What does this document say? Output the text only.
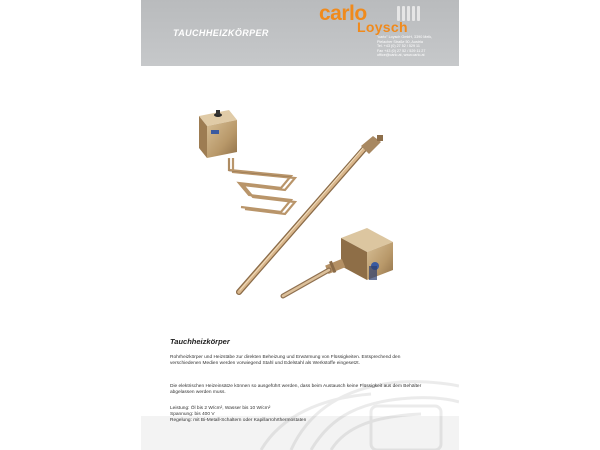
TAUCHHEIZKÖRPER
carlo
Loysch
"carlo" Loysch GmbH, 3390 Melk,
Pielacher Straße 50, Austria
Tel. +43 (0) 27 52 / 529 11
Fax +43 (0) 27 52 / 529 11 27
office@carlo.at, www.carlo.at
Tauchheizkörper
Rohrheizkörper und Heizstäbe zur direkten Beheizung und Erwärmung von Flüssigkeiten. Entsprechend den verschiedenen Medien werden vorwiegend Stahl und Edelstahl als Werkstoffe eingesetzt.
Die elektrischen Heizeinsätze können so ausgeführt werden, dass beim Austausch keine Flüssigkeit aus dem Behälter abgelassen werden muss.
Leistung: Öl bis 2 W/cm², Wasser bis 10 W/cm²
Spannung: bis 400 V
Regelung: mit Bi-Metall-Schaltern oder Kapillarrohrthermostaten
